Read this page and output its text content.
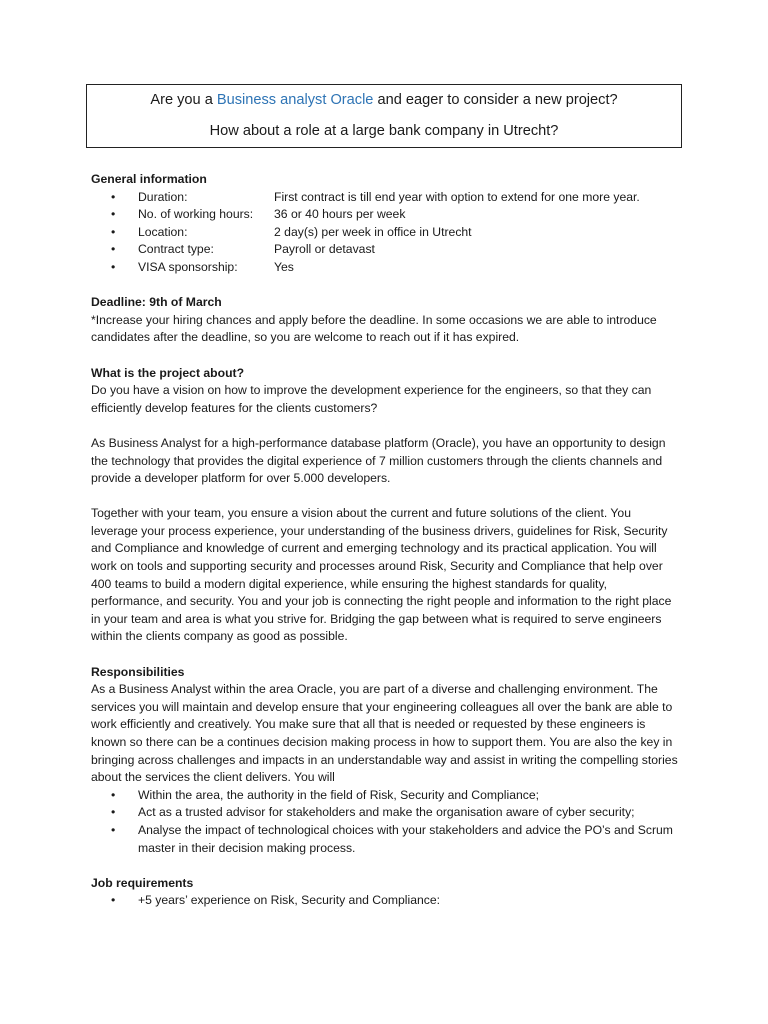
Are you a Business analyst Oracle and eager to consider a new project?
How about a role at a large bank company in Utrecht?
General information
•	Duration:	First contract is till end year with option to extend for one more year.
•	No. of working hours: 36 or 40 hours per week
•	Location:	2 day(s) per week in office in Utrecht
•	Contract type:	Payroll or detavast
•	VISA sponsorship:	Yes
Deadline: 9th of March

*Increase your hiring chances and apply before the deadline. In some occasions we are able to introduce candidates after the deadline, so you are welcome to reach out if it has expired.

What is the project about?

Do you have a vision on how to improve the development experience for the engineers, so that they can efficiently develop features for the clients customers?

As Business Analyst for a high-performance database platform (Oracle), you have an opportunity to design the technology that provides the digital experience of 7 million customers through the clients channels and provide a developer platform for over 5.000 developers.

Together with your team, you ensure a vision about the current and future solutions of the client. You leverage your process experience, your understanding of the business drivers, guidelines for Risk, Security and Compliance and knowledge of current and emerging technology and its practical application. You will work on tools and supporting security and processes around Risk, Security and Compliance that help over 400 teams to build a modern digital experience, while ensuring the highest standards for quality, performance, and security. You and your job is connecting the right people and information to the right place in your team and area is what you strive for. Bridging the gap between what is required to serve engineers within the clients company as good as possible.

Responsibilities

As a Business Analyst within the area Oracle, you are part of a diverse and challenging environment. The services you will maintain and develop ensure that your engineering colleagues all over the bank are able to work efficiently and creatively. You make sure that all that is needed or requested by these engineers is known so there can be a continues decision making process in how to support them. You are also the key in bringing across challenges and impacts in an understandable way and assist in writing the compelling stories about the services the client delivers. You will

•	Within the area, the authority in the field of Risk, Security and Compliance;
•	Act as a trusted advisor for stakeholders and make the organisation aware of cyber security;
•	Analyse the impact of technological choices with your stakeholders and advice the PO’s and Scrum master in their decision making process.
Job requirements
•	+5 years’ experience on Risk, Security and Compliance:
